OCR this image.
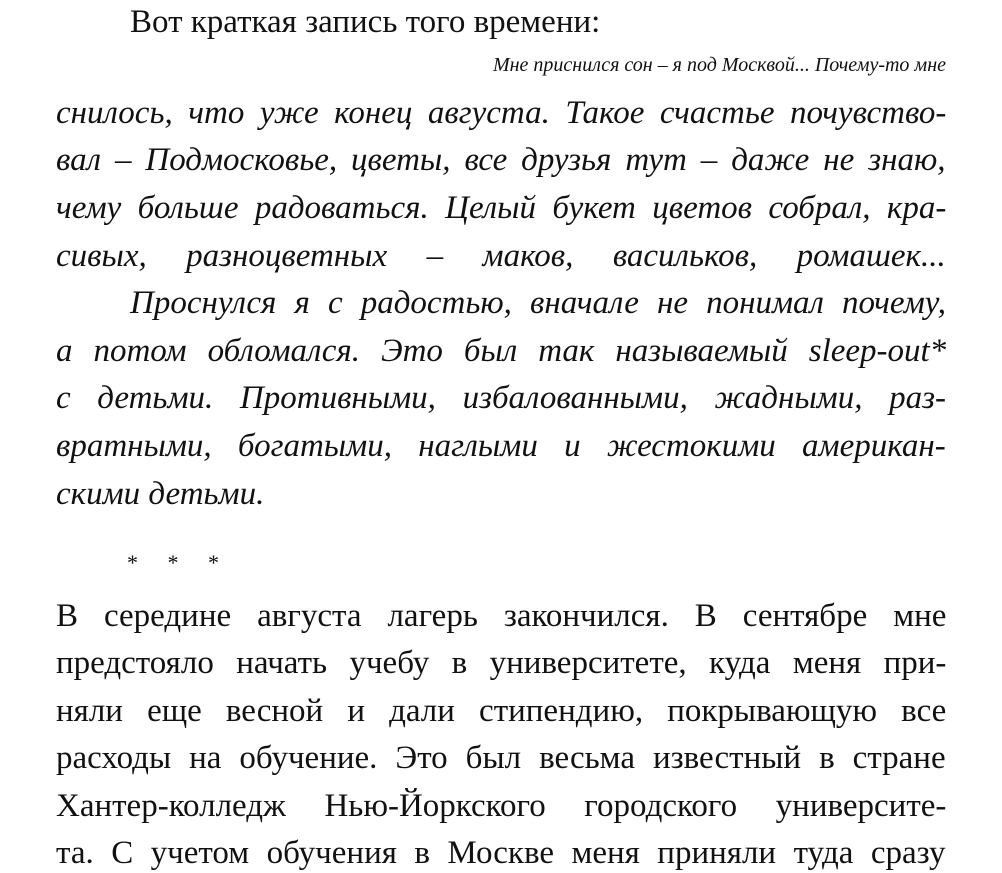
Вот краткая запись того времени:
Мне приснился сон – я под Москвой... Почему-то мне
снилось, что уже конец августа. Такое счастье почувство-
вал – Подмосковье, цветы, все друзья тут – даже не знаю,
чему больше радоваться. Целый букет цветов собрал, кра-
сивых, разноцветных – маков, васильков, ромашек...
Проснулся я с радостью, вначале не понимал почему,
а потом обломался. Это был так называемый sleep-out*
с детьми. Противными, избалованными, жадными, раз-
вратными, богатыми, наглыми и жестокими американ-
скими детьми.
* * *
В середине августа лагерь закончился. В сентябре мне
предстояло начать учебу в университете, куда меня при-
няли еще весной и дали стипендию, покрывающую все
расходы на обучение. Это был весьма известный в стране
Хантер-колледж Нью-Йоркского городского университе-
та. С учетом обучения в Москве меня приняли туда сразу
